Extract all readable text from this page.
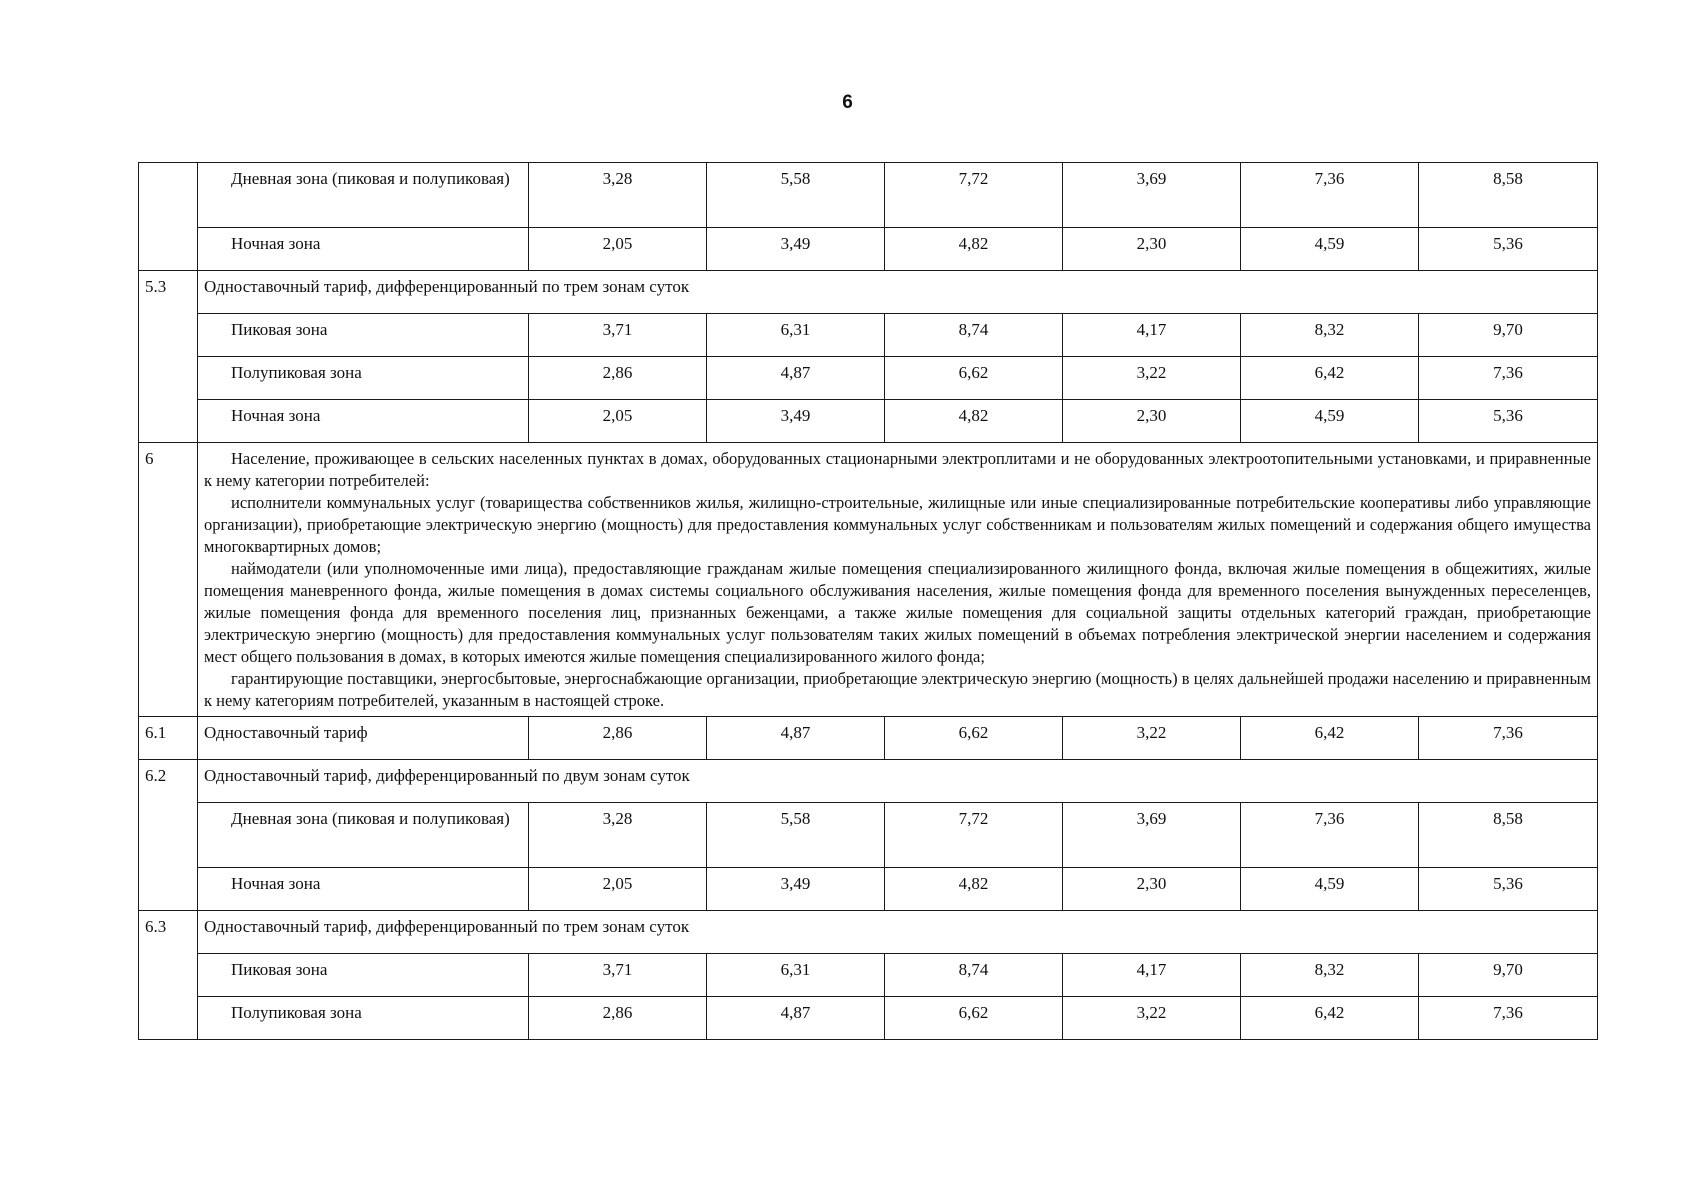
6
	Дневная зона (пиковая и полупиковая)	3,28	5,58	7,72	3,69	7,36	8,58
	Ночная зона	2,05	3,49	4,82	2,30	4,59	5,36
5.3	Одноставочный тариф, дифференцированный по трем зонам суток						
	Пиковая зона	3,71	6,31	8,74	4,17	8,32	9,70
	Полупиковая зона	2,86	4,87	6,62	3,22	6,42	7,36
	Ночная зона	2,05	3,49	4,82	2,30	4,59	5,36
6	Население, проживающее в сельских населенных пунктах в домах, оборудованных стационарными электроплитами и не оборудованных электроотопительными установками, и приравненные к нему категории потребителей:

исполнители коммунальных услуг (товарищества собственников жилья, жилищно-строительные, жилищные или иные специализированные потребительские кооперативы либо управляющие организации), приобретающие электрическую энергию (мощность) для предоставления коммунальных услуг собственникам и пользователям жилых помещений и содержания общего имущества многоквартирных домов;

наймодатели (или уполномоченные ими лица), предоставляющие гражданам жилые помещения специализированного жилищного фонда, включая жилые помещения в общежитиях, жилые помещения маневренного фонда, жилые помещения в домах системы социального обслуживания населения, жилые помещения фонда для временного поселения вынужденных переселенцев, жилые помещения фонда для временного поселения лиц, признанных беженцами, а также жилые помещения для социальной защиты отдельных категорий граждан, приобретающие электрическую энергию (мощность) для предоставления коммунальных услуг пользователям таких жилых помещений в объемах потребления электрической энергии населением и содержания мест общего пользования в домах, в которых имеются жилые помещения специализированного жилого фонда;

гарантирующие поставщики, энергосбытовые, энергоснабжающие организации, приобретающие электрическую энергию (мощность) в целях дальнейшей продажи населению и приравненным к нему категориям потребителей, указанным в настоящей строке.						

6.1	Одноставочный тариф	2,86	4,87	6,62	3,22	6,42	7,36
6.2	Одноставочный тариф, дифференцированный по двум зонам суток						
	Дневная зона (пиковая и полупиковая)	3,28	5,58	7,72	3,69	7,36	8,58
	Ночная зона	2,05	3,49	4,82	2,30	4,59	5,36
6.3	Одноставочный тариф, дифференцированный по трем зонам суток						
	Пиковая зона	3,71	6,31	8,74	4,17	8,32	9,70
	Полупиковая зона	2,86	4,87	6,62	3,22	6,42	7,36
